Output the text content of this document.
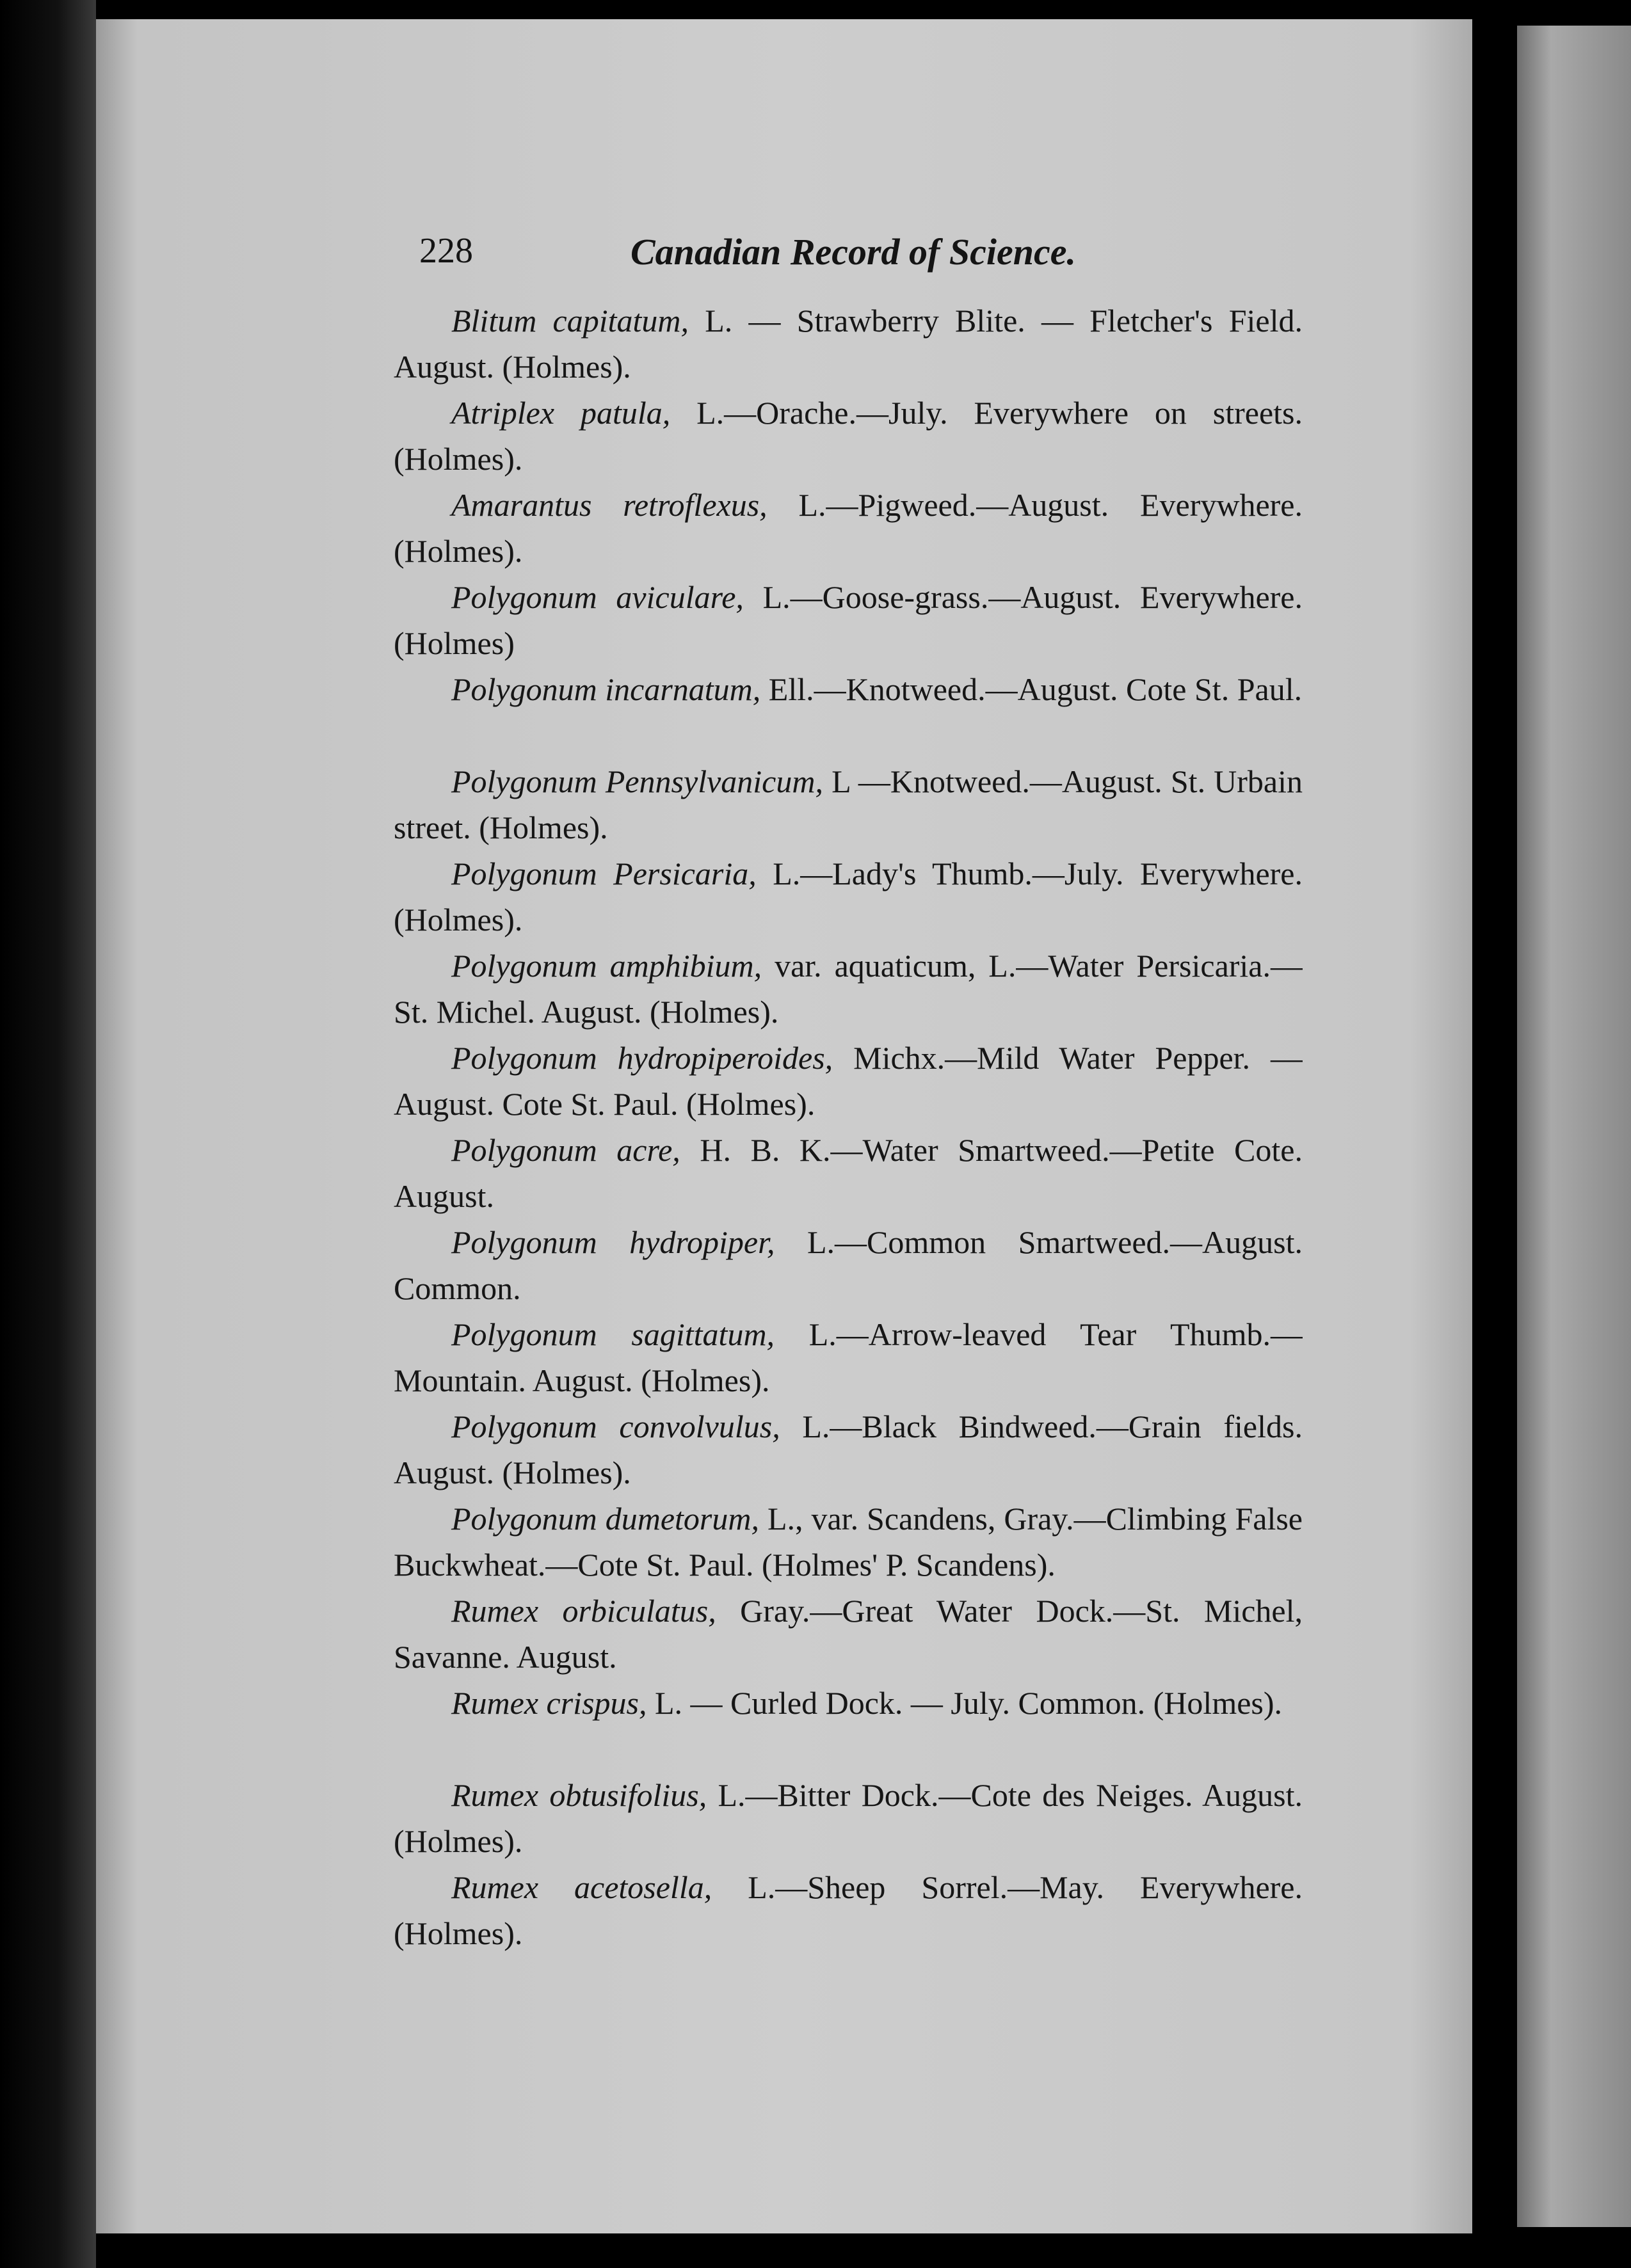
228	Canadian Record of Science.

Blitum capitatum, L. — Strawberry Blite. — Fletcher's Field. August. (Holmes).

Atriplex patula, L.—Orache.—July. Everywhere on streets. (Holmes).

Amarantus retroflexus, L.—Pigweed.—August. Everywhere. (Holmes).

Polygonum aviculare, L.—Goose-grass.—August. Everywhere. (Holmes)

Polygonum incarnatum, Ell.—Knotweed.—August. Cote St. Paul.

Polygonum Pennsylvanicum, L —Knotweed.—August. St. Urbain street. (Holmes).

Polygonum Persicaria, L.—Lady's Thumb.—July. Everywhere. (Holmes).

Polygonum amphibium, var. aquaticum, L.—Water Persicaria.—St. Michel. August. (Holmes).

Polygonum hydropiperoides, Michx.—Mild Water Pepper. —August. Cote St. Paul. (Holmes).

Polygonum acre, H. B. K.—Water Smartweed.—Petite Cote. August.

Polygonum hydropiper, L.—Common Smartweed.—August. Common.

Polygonum sagittatum, L.—Arrow-leaved Tear Thumb.— Mountain. August. (Holmes).

Polygonum convolvulus, L.—Black Bindweed.—Grain fields. August. (Holmes).

Polygonum dumetorum, L., var. Scandens, Gray.—Climbing False Buckwheat.—Cote St. Paul. (Holmes' P. Scandens).

Rumex orbiculatus, Gray.—Great Water Dock.—St. Michel, Savanne. August.

Rumex crispus, L. — Curled Dock. — July. Common. (Holmes).

Rumex obtusifolius, L.—Bitter Dock.—Cote des Neiges. August. (Holmes).

Rumex acetosella, L.—Sheep Sorrel.—May. Everywhere. (Holmes).
